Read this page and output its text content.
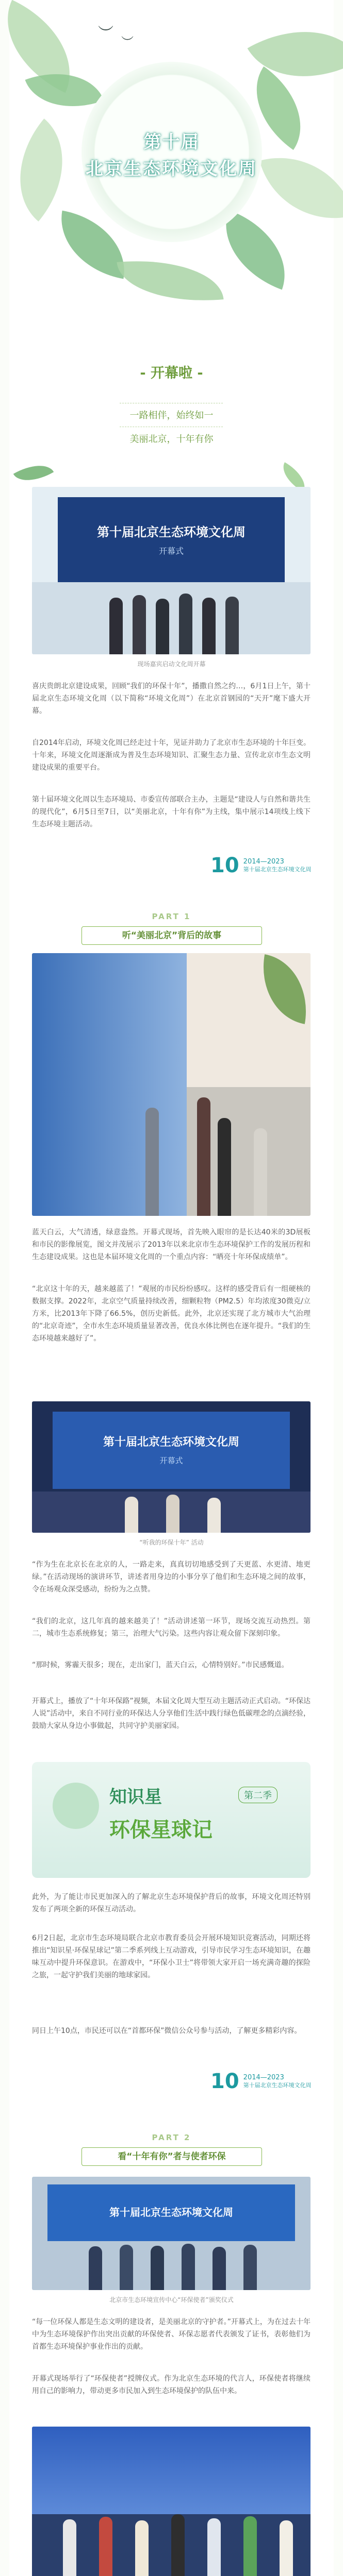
︶ ︶
第十届
北京生态环境文化周
- 开幕啦 -
一路相伴，始终如一
美丽北京，十年有你
第十届北京生态环境文化周
开幕式
现场嘉宾启动文化周开幕
喜庆贵朗北京建设成果，回顾“我们的环保十年”，播撒自然之约…，6月1日上午，第十届北京生态环境文化周（以下简称“环境文化周”）在北京首钢园的“天开”麾下盛大开幕。
自2014年启动，环境文化周已经走过十年，见证并助力了北京市生态环境的十年巨变。十年来，环境文化周逐渐成为普及生态环境知识、汇聚生态力量、宣传北京市生态文明建设成果的重要平台。
第十届环境文化周以生态环境局、市委宣传部联合主办，主题是“建设人与自然和谐共生的现代化”，6月5日至7日，以“美丽北京，十年有你”为主线，集中展示14项线上线下生态环境主题活动。
10 2014—2023
第十届北京生态环境文化周
PART 1
听“美丽北京”背后的故事
蓝天白云，大气清透，绿意盎然。开幕式现场，首先映入眼帘的是长达40米的3D展板和市民的影像展览，图文并茂展示了2013年以来北京市生态环境保护工作的发展历程和生态建设成果。这也是本届环境文化周的一个重点内容：“晒亮十年环保成绩单”。
“北京这十年的天，越来越蓝了！”观展的市民纷纷感叹。这样的感受背后有一组硬核的数据支撑。2022年，北京空气质量持续改善，细颗粒物（PM2.5）年均浓度30微克/立方米，比2013年下降了66.5%，创历史新低。此外，北京还实现了北方城市大气治理的“北京奇迹”，全市水生态环境质量显著改善，优良水体比例也在逐年提升。“我们的生态环境越来越好了”。
第十届北京生态环境文化周
开幕式
“听我的环保十年” 活动
“作为生在北京长在北京的人，一路走来，真真切切地感受到了天更蓝、水更清、地更绿。”在活动现场的演讲环节，讲述者用身边的小事分享了他们和生态环境之间的故事，令在场观众深受感动，纷纷为之点赞。
“我们的北京，这几年真的越来越美了！”活动讲述第一环节，现场交流互动热烈。第二，城市生态系统修复；第三，治理大气污染。这些内容让观众留下深刻印象。
“那时候，雾霾天很多；现在，走出家门，蓝天白云，心情特别好。”市民感慨道。
开幕式上，播放了“十年环保路”视频，本届文化周大型互动主题活动正式启动。“环保达人说”活动中，来自不同行业的环保达人分享他们生活中践行绿色低碳理念的点滴经验，鼓励大家从身边小事做起，共同守护美丽家园。
知识星
环保星球记
第二季
此外，为了能让市民更加深入的了解北京生态环境保护背后的故事，环境文化周还特别发布了两项全新的环保互动活动。
6月2日起，北京市生态环境局联合北京市教育委员会开展环境知识竞赛活动，同期还将推出“知识星·环保星球记”第二季系列线上互动游戏，引导市民学习生态环境知识，在趣味互动中提升环保意识。在游戏中，“环保小卫士”将带领大家开启一场充满奇趣的探险之旅，一起守护我们美丽的地球家园。
同日上午10点，市民还可以在“首都环保”微信公众号参与活动，了解更多精彩内容。
10 2014—2023
第十届北京生态环境文化周
PART 2
看“十年有你”者与使者环保
第十届北京生态环境文化周
北京市生态环境宣传中心“环保使者”颁奖仪式
“每一位环保人都是生态文明的建设者，是美丽北京的守护者。”开幕式上，为在过去十年中为生态环境保护作出突出贡献的环保使者、环保志愿者代表颁发了证书，表彰他们为首都生态环境保护事业作出的贡献。
开幕式现场举行了“环保使者”授牌仪式。作为北京生态环境的代言人，环保使者将继续用自己的影响力，带动更多市民加入到生态环境保护的队伍中来。
